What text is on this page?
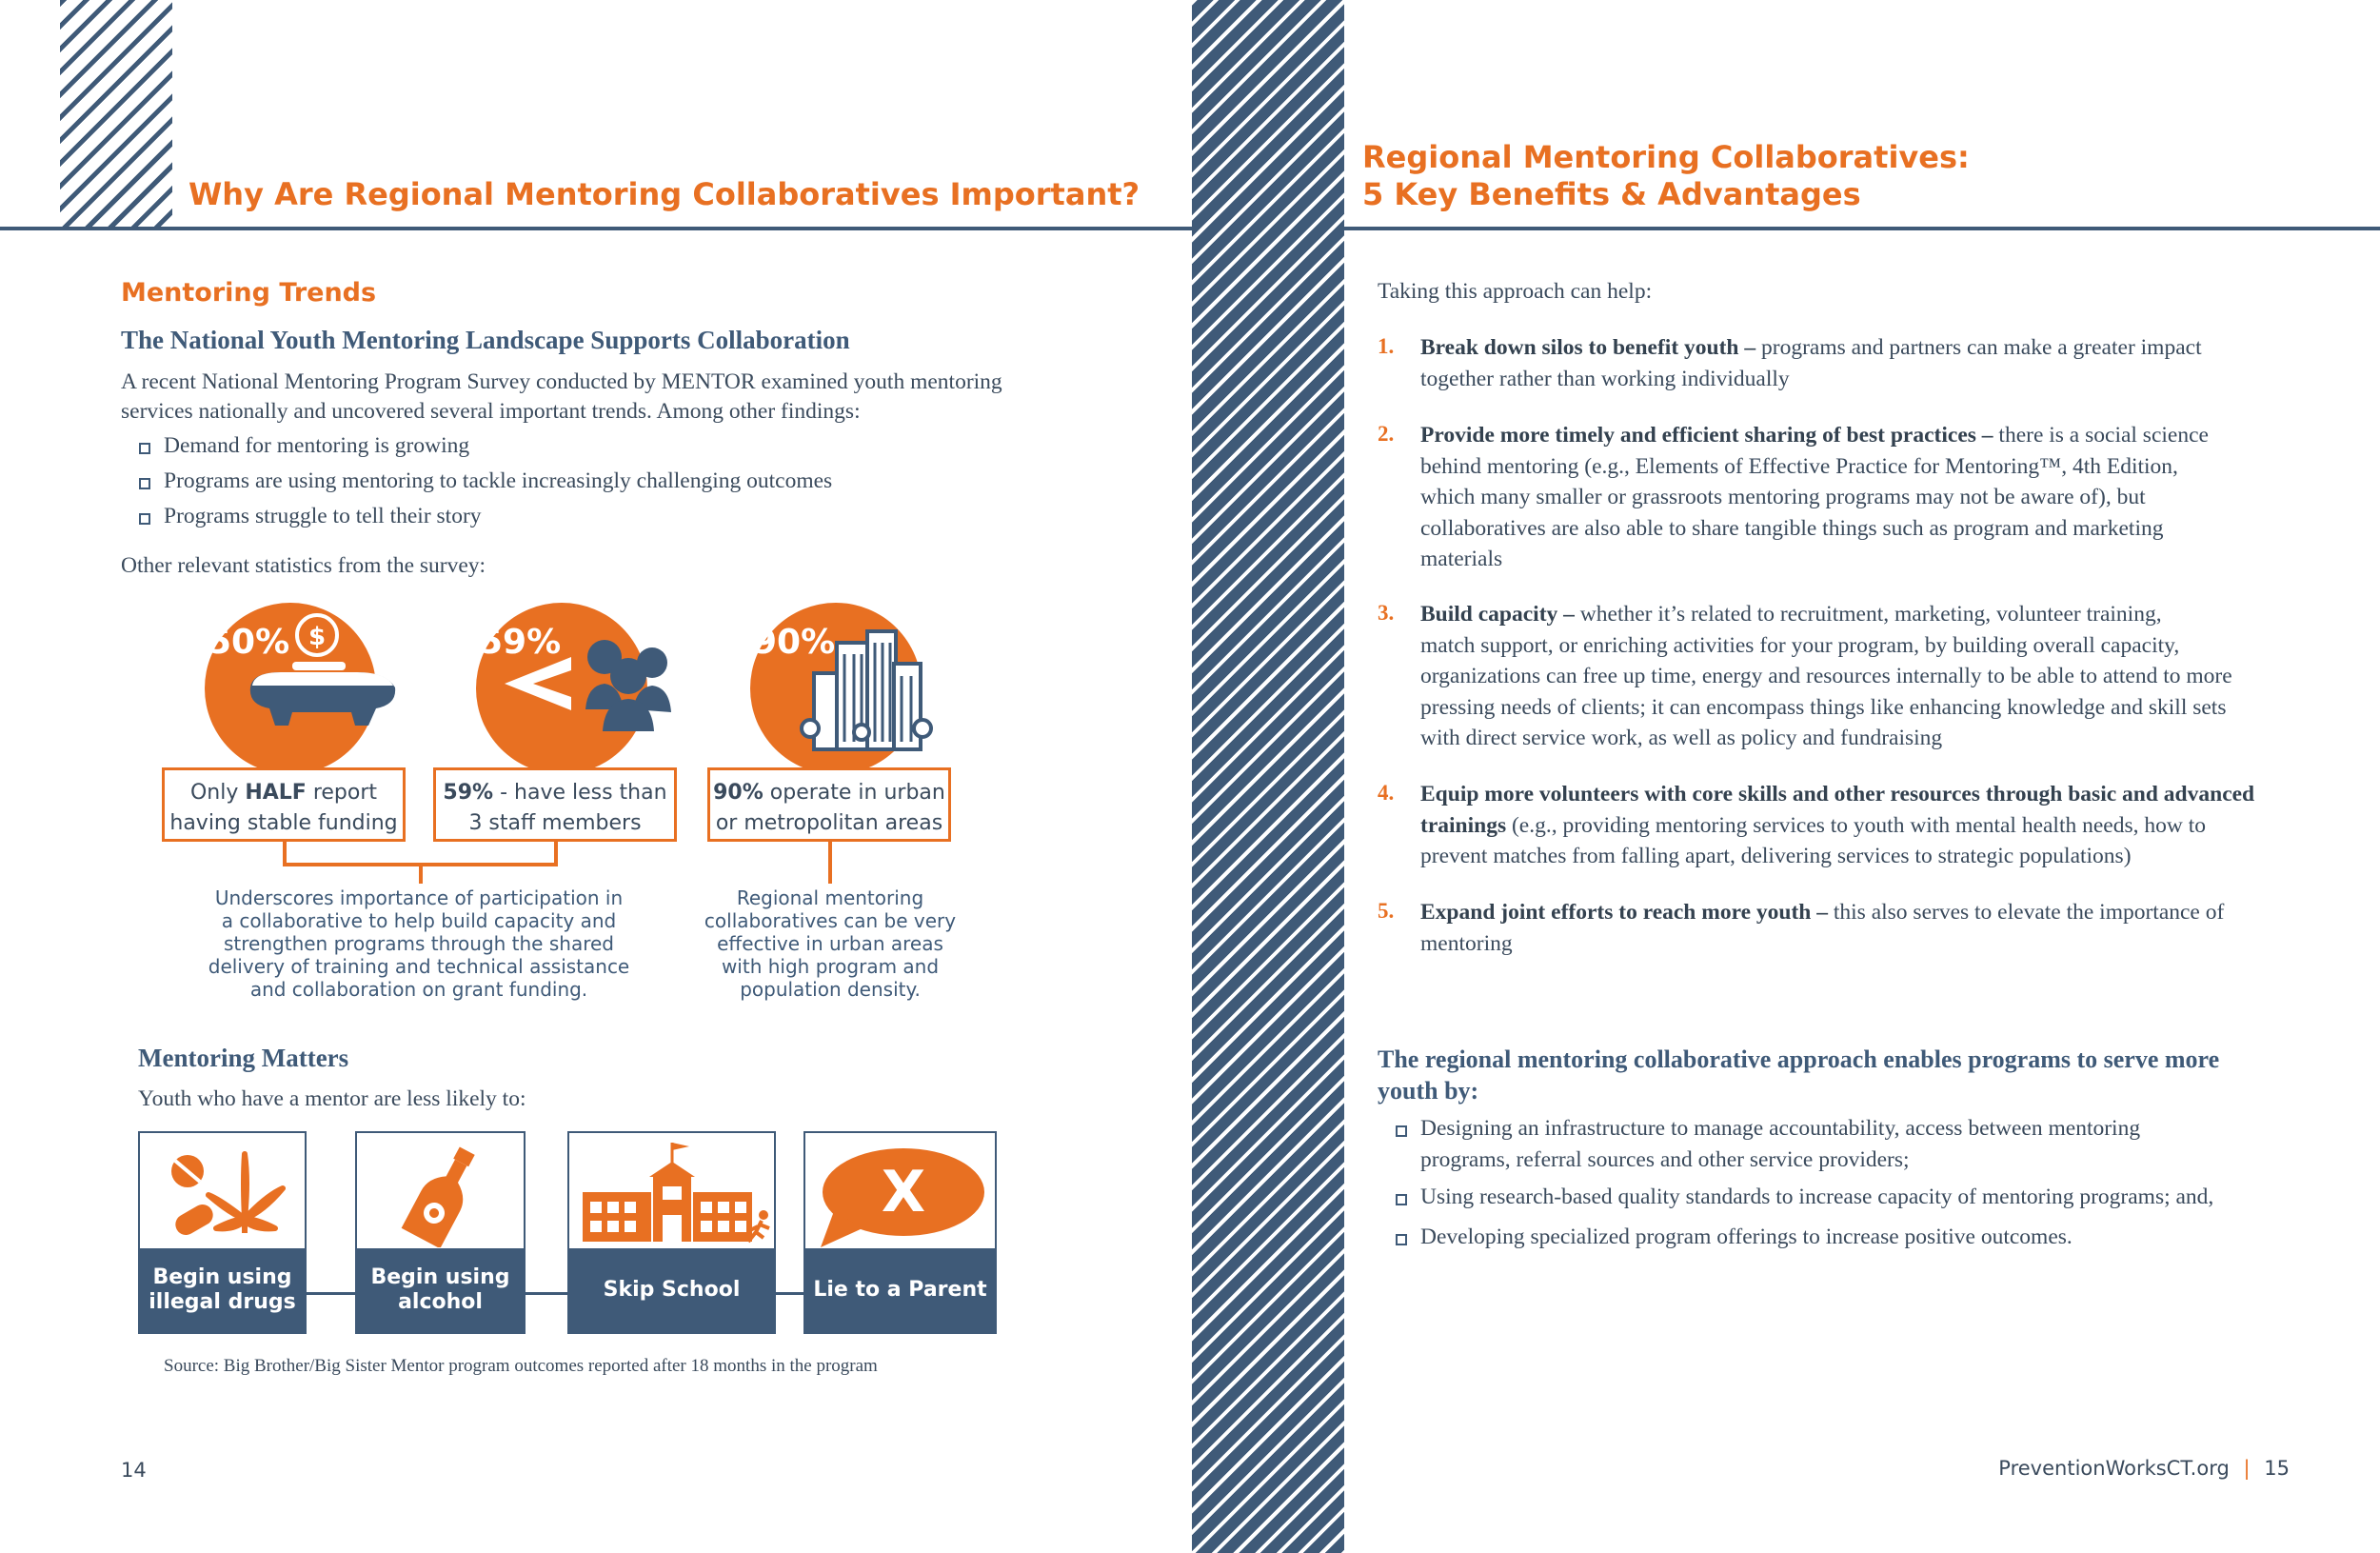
Why Are Regional Mentoring Collaboratives Important?
Mentoring Trends
The National Youth Mentoring Landscape Supports Collaboration
A recent National Mentoring Program Survey conducted by MENTOR examined youth mentoring
services nationally and uncovered several important trends. Among other findings:
Demand for mentoring is growing
Programs are using mentoring to tackle increasingly challenging outcomes
Programs struggle to tell their story
Other relevant statistics from the survey:
50%	59%	90%
$
Only HALF report
having stable funding
59% - have less than
3 staff members
90% operate in urban
or metropolitan areas
Underscores importance of participation in
a collaborative to help build capacity and
strengthen programs through the shared
delivery of training and technical assistance
and collaboration on grant funding.
Regional mentoring
collaboratives can be very
effective in urban areas
with high program and
population density.
Mentoring Matters
Youth who have a mentor are less likely to:
Begin using
illegal drugs
Begin using
alcohol
Skip School
X
Lie to a Parent
Source: Big Brother/Big Sister Mentor program outcomes reported after 18 months in the program
14
Regional Mentoring Collaboratives:
5 Key Benefits & Advantages
Taking this approach can help:
1. Break down silos to benefit youth – programs and partners can make a greater impact
together rather than working individually
2. Provide more timely and efficient sharing of best practices – there is a social science
behind mentoring (e.g., Elements of Effective Practice for Mentoring™, 4th Edition,
which many smaller or grassroots mentoring programs may not be aware of), but
collaboratives are also able to share tangible things such as program and marketing
materials
3. Build capacity – whether it’s related to recruitment, marketing, volunteer training,
match support, or enriching activities for your program, by building overall capacity,
organizations can free up time, energy and resources internally to be able to attend to more
pressing needs of clients; it can encompass things like enhancing knowledge and skill sets
with direct service work, as well as policy and fundraising
4. Equip more volunteers with core skills and other resources through basic and advanced
trainings (e.g., providing mentoring services to youth with mental health needs, how to
prevent matches from falling apart, delivering services to strategic populations)
5. Expand joint efforts to reach more youth – this also serves to elevate the importance of
mentoring
The regional mentoring collaborative approach enables programs to serve more
youth by:
Designing an infrastructure to manage accountability, access between mentoring
programs, referral sources and other service providers;
Using research-based quality standards to increase capacity of mentoring programs; and,
Developing specialized program offerings to increase positive outcomes.
PreventionWorksCT.org | 15
